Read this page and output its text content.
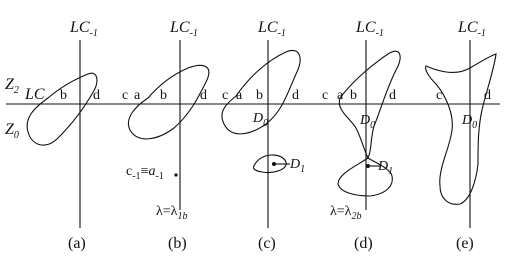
$Z_2$ LC
$Z_0$
$LC_{-1}$
b d
(a)
$LC_{-1}$
c a b d
$c_{-1}\equiv a_{-1}$
$\lambda=\lambda_{1b}$
(b)
$LC_{-1}$
c a b d
$D_0$
$D_1$
(c)
$LC_{-1}$
c a b d
$D_0$
$D_1$
$\lambda=\lambda_{2b}$
(d)
$LC_{-1}$
c	d
$D_0$
(e)
